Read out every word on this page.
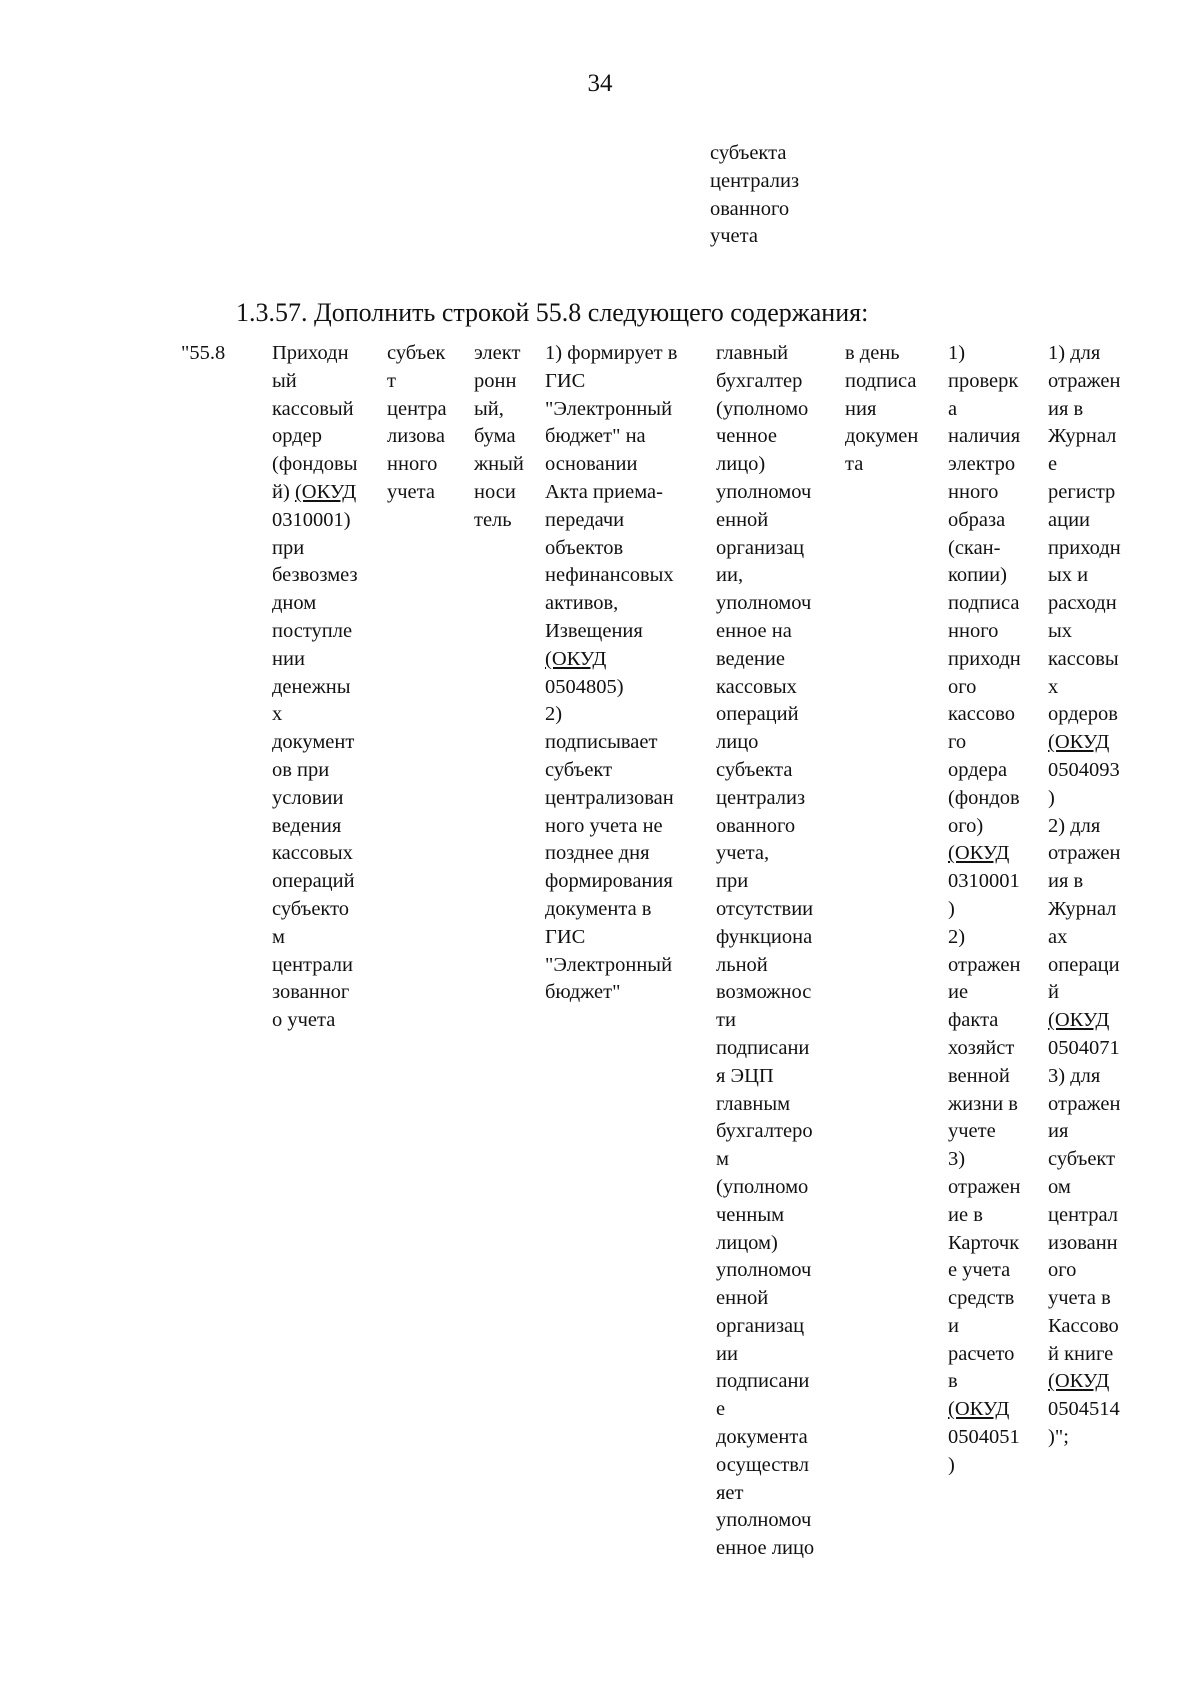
34
субъекта
централиз
ованного
учета
1.3.57. Дополнить строкой 55.8 следующего содержания:
"55.8 Приходн
ый
кассовый
ордер
(фондовы
й) (ОКУД
0310001)
при
безвозмез
дном
поступле
нии
денежны
х
документ
ов при
условии
ведения
кассовых
операций
субъекто
м
централи
зованног
о учета
субъек
т
центра
лизова
нного
учета
элект
ронн
ый,
бума
жный
носи
тель
1) формирует в
ГИС
"Электронный
бюджет" на
основании
Акта приема-
передачи
объектов
нефинансовых
активов,
Извещения
(ОКУД
0504805)
2)
подписывает
субъект
централизован
ного учета не
позднее дня
формирования
документа в
ГИС
"Электронный
бюджет"
главный
бухгалтер
(уполномо
ченное
лицо)
уполномоч
енной
организац
ии,
уполномоч
енное на
ведение
кассовых
операций
лицо
субъекта
централиз
ованного
учета,
при
отсутствии
функциона
льной
возможнос
ти
подписани
я ЭЦП
главным
бухгалтеро
м
(уполномо
ченным
лицом)
уполномоч
енной
организац
ии
подписани
е
документа
осуществл
яет
уполномоч
енное лицо
в день
подписа
ния
докумен
та
1)
проверк
а
наличия
электро
нного
образа
(скан-
копии)
подписа
нного
приходн
ого
кассово
го
ордера
(фондов
ого)
(ОКУД
0310001
)
2)
отражен
ие
факта
хозяйст
венной
жизни в
учете
3)
отражен
ие в
Карточк
е учета
средств
и
расчето
в
(ОКУД
0504051
)
1) для
отражен
ия в
Журнал
е
регистр
ации
приходн
ых и
расходн
ых
кассовы
х
ордеров
(ОКУД
0504093
)
2) для
отражен
ия в
Журнал
ах
операци
й
(ОКУД
0504071
3) для
отражен
ия
субъект
ом
централ
изованн
ого
учета в
Кассово
й книге
(ОКУД
0504514
)";
